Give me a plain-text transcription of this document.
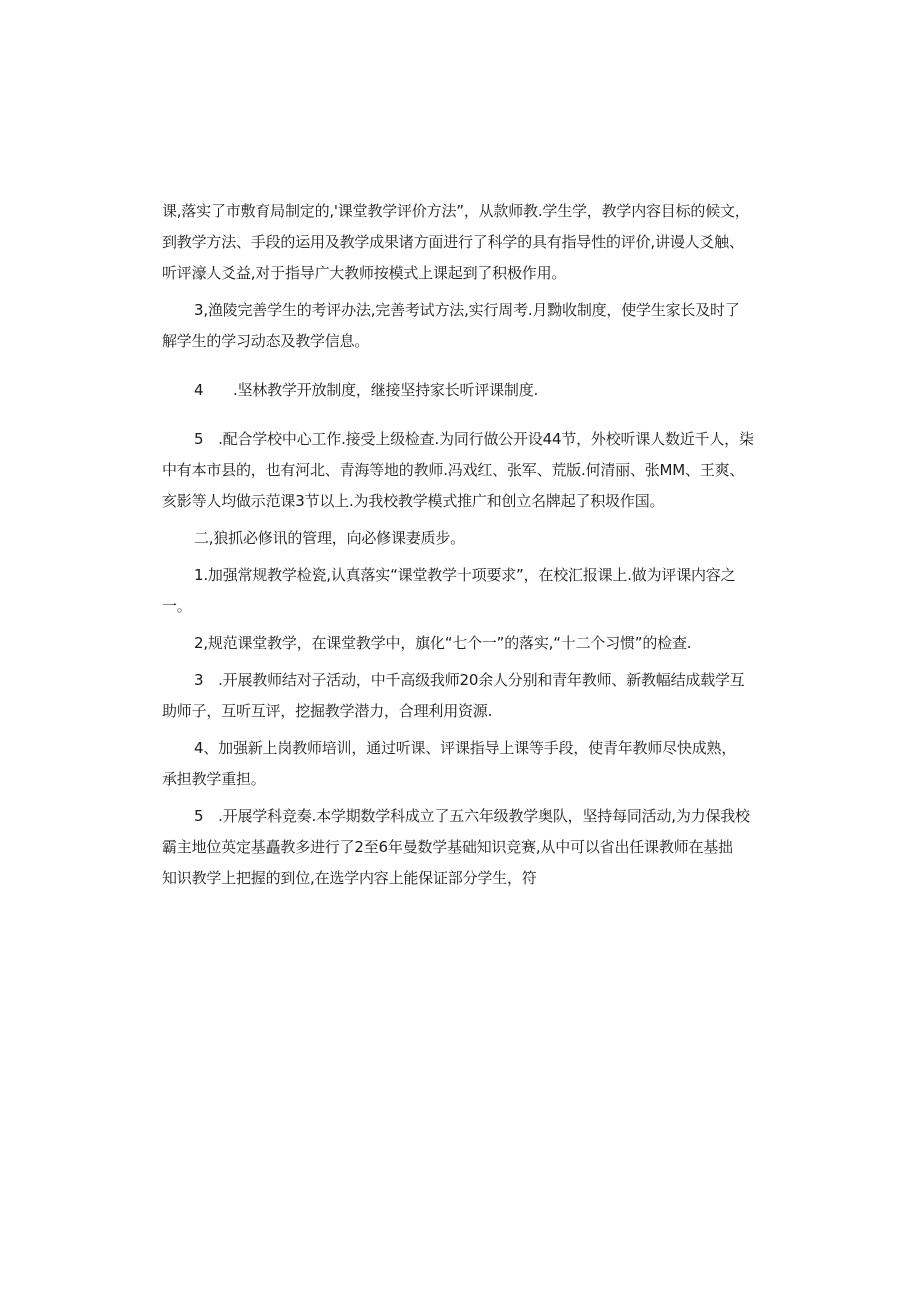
课,落实了市敷育局制定的,'课堂教学评价方法”，从款师教.学生学，教学内容目标的候文，
到教学方法、手段的运用及教学成果诸方面进行了科学的具有指导性的评价,讲谩人爻触、
听评濠人爻益,对于指导广大教师按模式上课起到了积极作用。
3,渔陵完善学生的考评办法,完善考试方法,实行周考.月黝收制度，使学生家长及时了
解学生的学习动态及教学信息。
4　　.坚林教学开放制度，继接坚持家长听评课制度.
5　.配合学校中心工作.接受上级检查.为同行做公开设44节，外校听课人数近千人，柒
中有本市县的，也有河北、青海等地的教师.冯戏红、张军、荒版.何清丽、张MM、王爽、
亥影等人均做示范课3节以上.为我校教学模式推广和创立名牌起了积圾作国。
二,狼抓必修讯的管理，向必修课妻质步。
1.加强常规教学检瓷,认真落实“课堂教学十项要求”，在校汇报课上.做为评课内容之
一。
2,规范课堂教学，在课堂教学中，旗化“七个一”的落实,“十二个习惯”的检查.
3　.开展教师结对子活动，中千高级我师20余人分别和青年教师、新教幅结成载学互
助师子，互听互评，挖掘教学潜力，合理利用资源.
4、加强新上岗教师培训，通过听课、评课指导上课等手段，使青年教师尽快成熟，
承担教学重担。
5　.开展学科竞奏.本学期数学科成立了五六年级教学奥队，坚持每同活动,为力保我校
霸主地位英定基矗教多进行了2至6年曼数学基础知识竞赛,从中可以省出任课教师在基拙
知识教学上把握的到位,在选学内容上能保证部分学生，符
